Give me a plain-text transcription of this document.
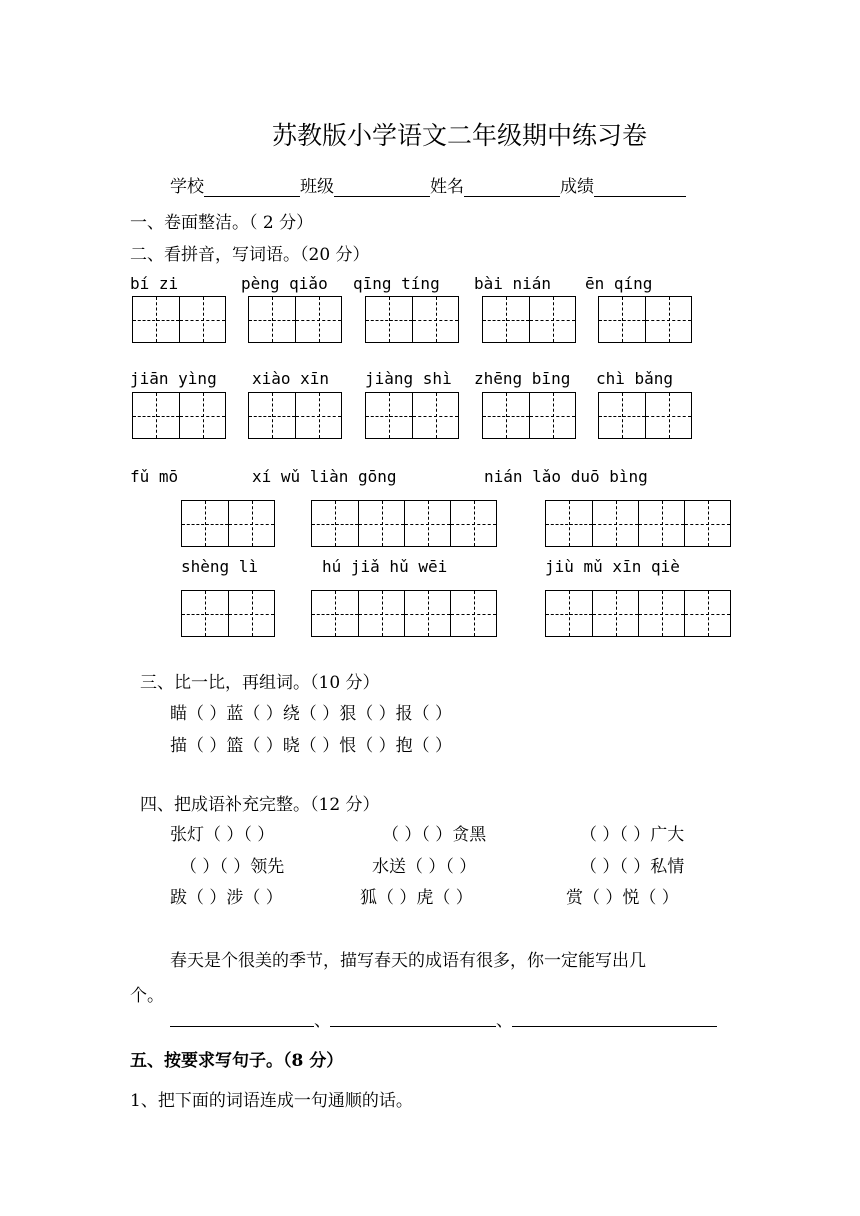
苏教版小学语文二年级期中练习卷
学校	班级	姓名	成绩
一、卷面整洁。（ 2 分）
二、看拼音，写词语。（20 分）
bí zi	pèng qiǎo qīng tíng bài nián ēn qíng
jiān yìng xiào xīn jiàng shì zhēng bīng chì bǎng
fǔ mō	xí wǔ liàn gōng	nián lǎo duō bìng
shèng lì	hú jiǎ hǔ wēi	jiù mǔ xīn qiè
三、比一比，再组词。（10 分）
瞄（ ）蓝（ ）绕（ ）狠（ ）报（ ）
描（ ）篮（ ）晓（ ）恨（ ）抱（ ）
四、把成语补充完整。（12 分）
张灯（ ）（ ）	（ ）（ ）贪黑	（ ）（ ）广大
（ ）（ ）领先	水送（ ）（ ）	（ ）（ ）私情
跋（ ）涉（ ）	狐（ ）虎（ ）	赏（ ）悦（ ）
春天是个很美的季节，描写春天的成语有很多，你一定能写出几
个。
、	、
五、按要求写句子。（8 分）
1、把下面的词语连成一句通顺的话。
